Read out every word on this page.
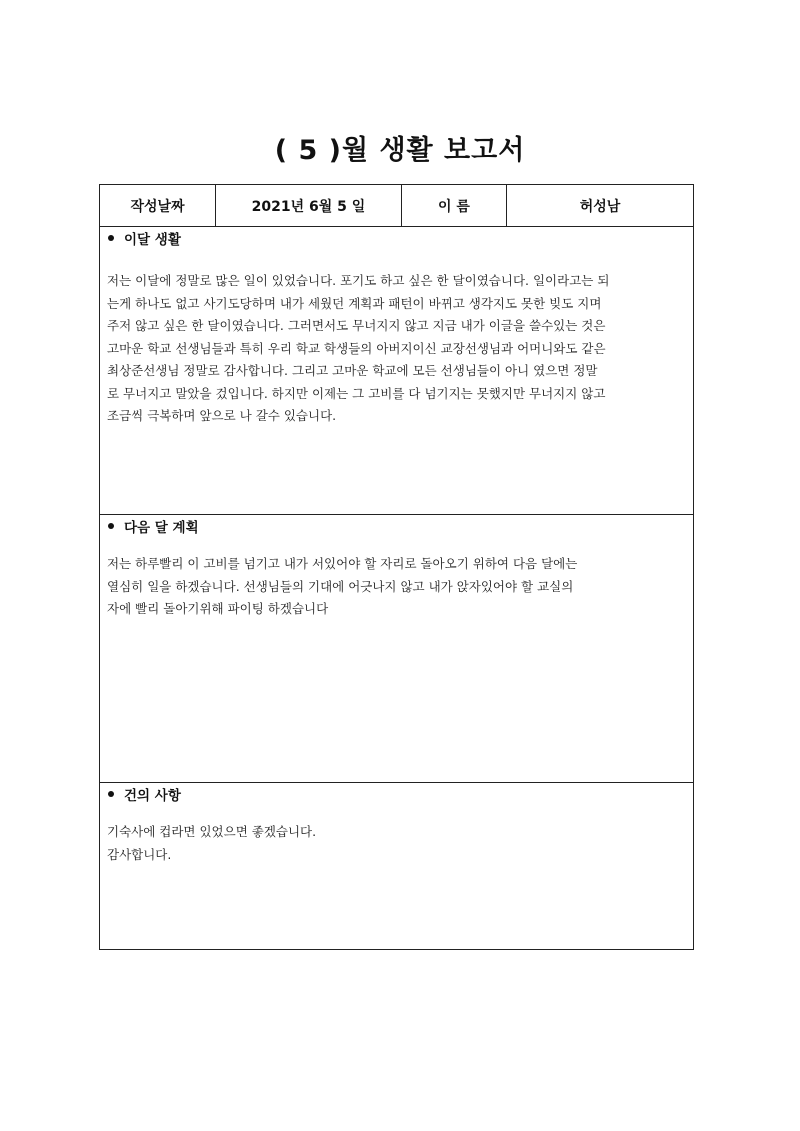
( 5 )월 생활 보고서
작성날짜	2021년 6월 5 일	이 름	허성남
이달 생활
저는 이달에 정말로 많은 일이 있었습니다. 포기도 하고 싶은 한 달이였습니다. 일이라고는 되
는게 하나도 없고 사기도당하며 내가 세웠던 계획과 패턴이 바뀌고 생각지도 못한 빚도 지며
주저 않고 싶은 한 달이였습니다. 그러면서도 무너지지 않고 지금 내가 이글을 쓸수있는 것은
고마운 학교 선생님들과 특히 우리 학교 학생들의 아버지이신 교장선생님과 어머니와도 같은
최상준선생님 정말로 감사합니다. 그리고 고마운 학교에 모든 선생님들이 아니 였으면 정말
로 무너지고 말았을 겄입니다. 하지만 이제는 그 고비를 다 넘기지는 못했지만 무너지지 않고
조금씩 극복하며 앞으로 나 갈수 있습니다.
다음 달 계획
저는 하루빨리 이 고비를 넘기고 내가 서있어야 할 자리로 돌아오기 위하여 다음 달에는
열심히 일을 하겠습니다. 선생님들의 기대에 어긋나지 않고 내가 앉자있어야 할 교실의
자에 빨리 돌아기위해 파이팅 하겠습니다
건의 사항
기숙사에 컵라면 있었으면 좋겠습니다.
감사합니다.
